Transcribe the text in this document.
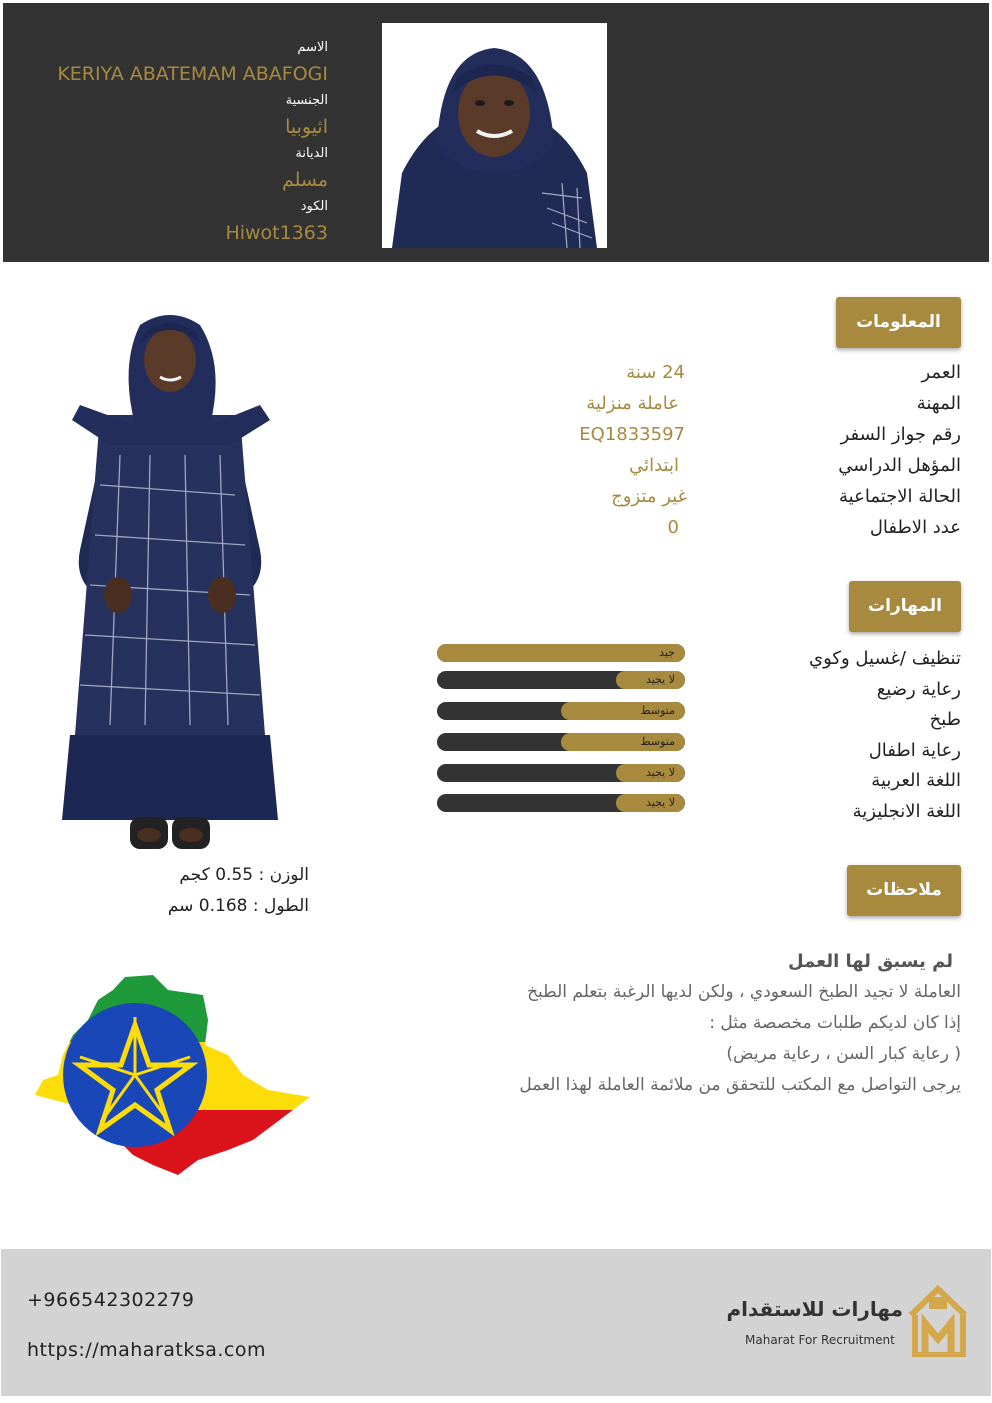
الاسم
KERIYA ABATEMAM ABAFOGI
الجنسية
اثيوبيا
الديانة
مسلم
الكود
Hiwot1363
الوزن : 0.55 كجم
الطول : 0.168 سم
المعلومات
العمر
24 سنة
المهنة
عاملة منزلية
رقم جواز السفر
EQ1833597
المؤهل الدراسي
ابتدائي
الحالة الاجتماعية
غير متزوج
عدد الاطفال
0
المهارات
تنظيف /غسيل وكوي
رعاية رضيع
طبخ
رعاية اطفال
اللغة العربية
اللغة الانجليزية
جيد
لا يجيد
متوسط
متوسط
لا يجيد
لا يجيد
ملاحظات
لم يسبق لها العمل
العاملة لا تجيد الطبخ السعودي ، ولكن لديها الرغبة بتعلم الطبخ
إذا كان لديكم طلبات مخصصة مثل :
( رعاية كبار السن ، رعاية مريض)
يرجى التواصل مع المكتب للتحقق من ملائمة العاملة لهذا العمل
+966542302279
https://maharatksa.com
مهارات للاستقدام
Maharat For Recruitment
